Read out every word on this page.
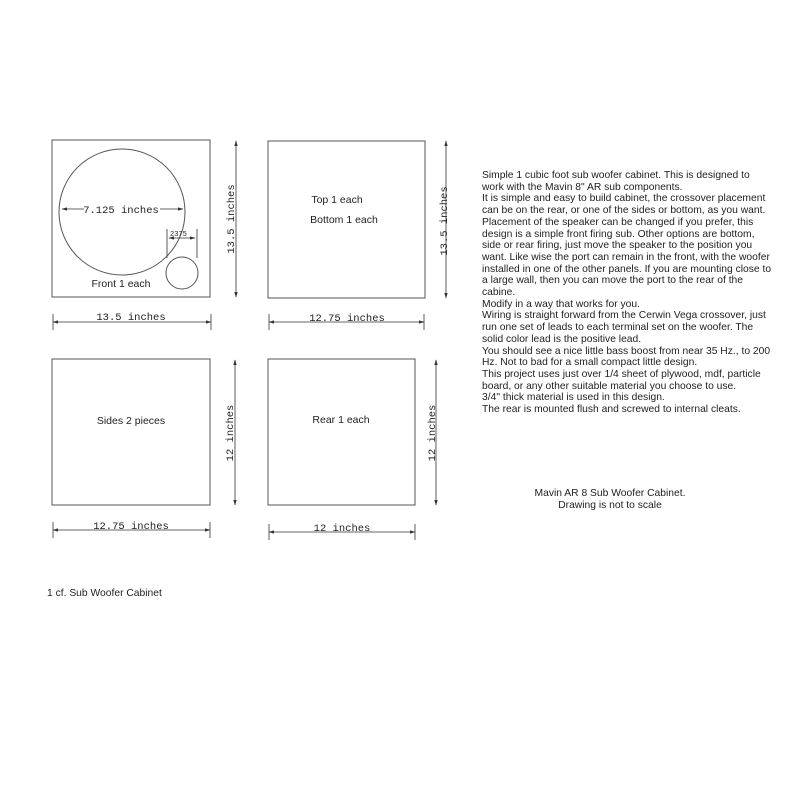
7.125 inches
2375
Front 1 each
13.5 inches
13.5 inches
Top 1 each
Bottom 1 each	13.5 inches
12.75 inches
Sides 2 pieces	12 inches
12.75 inches
Rear 1 each	12 inches
12 inches

Simple 1 cubic foot sub woofer cabinet. This is designed to work with the Mavin 8" AR sub components.

It is simple and easy to build cabinet, the crossover placement can be on the rear, or one of the sides or bottom, as you want.

Placement of the speaker can be changed if you prefer, this design is a simple front firing sub. Other options are bottom, side or rear firing, just move the speaker to the position you want. Like wise the port can remain in the front, with the woofer installed in one of the other panels. If you are mounting close to a large wall, then you can move the port to the rear of the cabine.

Modify in a way that works for you.

Wiring is straight forward from the Cerwin Vega crossover, just run one set of leads to each terminal set on the woofer. The solid color lead is the positive lead.

You should see a nice little bass boost from near 35 Hz., to 200 Hz. Not to bad for a small compact little design.

This project uses just over 1/4 sheet of plywood, mdf, particle board, or any other suitable material you choose to use.

3/4" thick material is used in this design.

The rear is mounted flush and screwed to internal cleats.

Mavin AR 8 Sub Woofer Cabinet.

Drawing is not to scale

1 cf. Sub Woofer Cabinet
